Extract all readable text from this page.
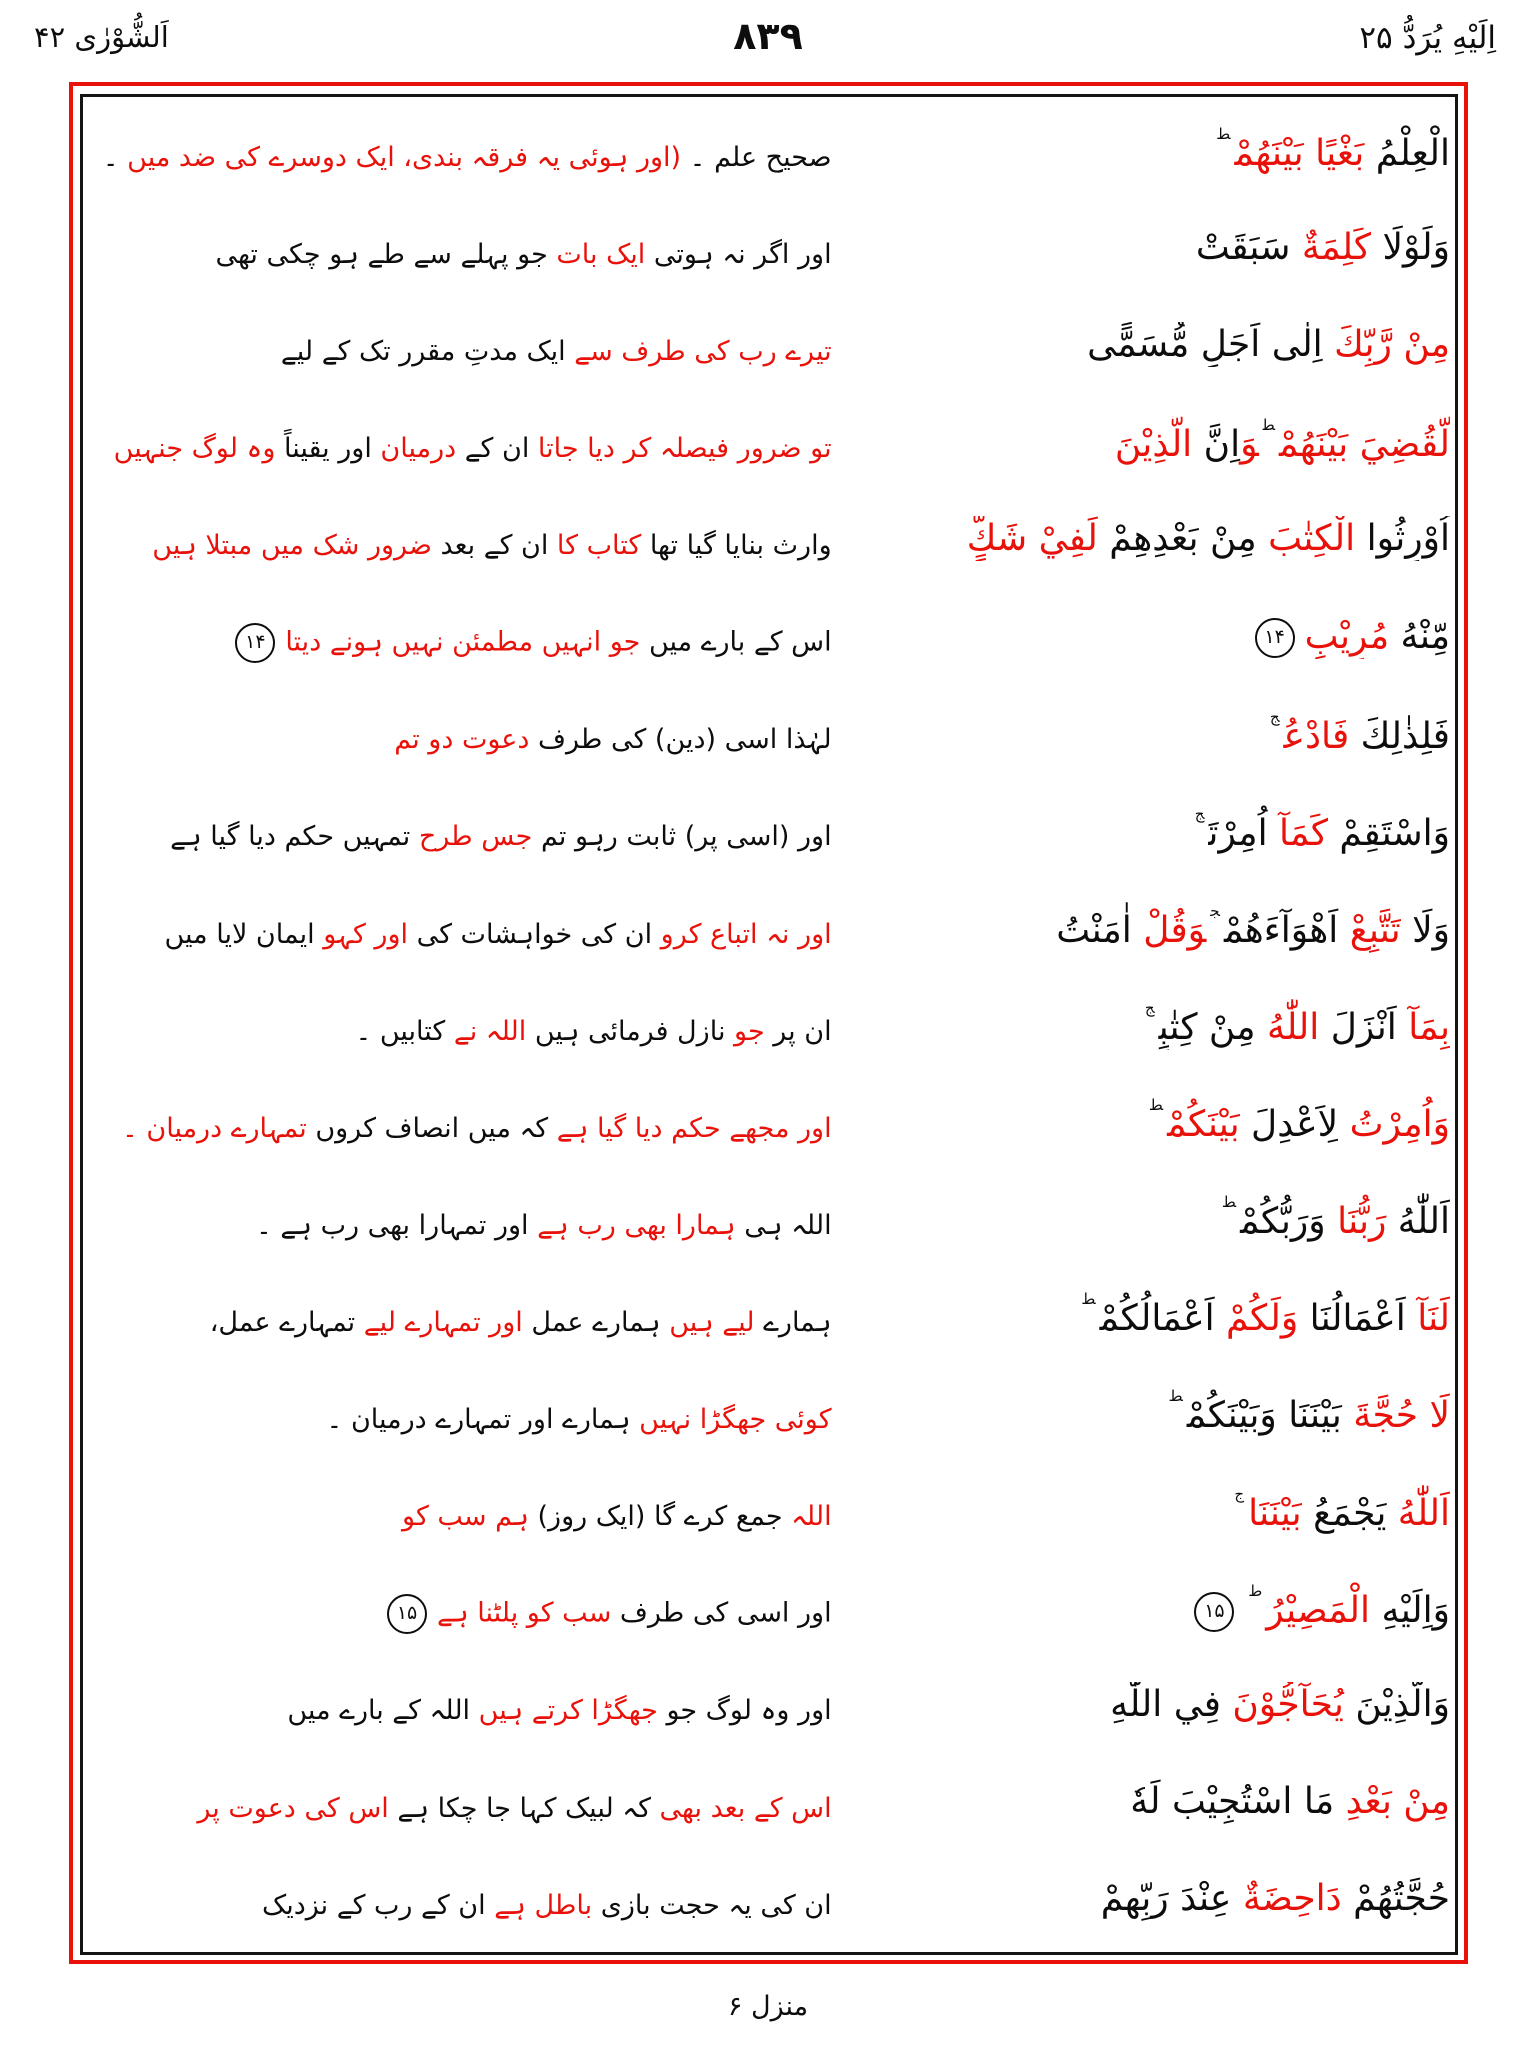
اَلشُّوْرٰى ۴۲	۸۳۹	اِلَيْهِ يُرَدُّ ۲۵
الْعِلْمُ بَغْيًا بَيْنَهُمْ$^ط$
صحیح علم ۔ (اور ہوئی یہ فرقہ بندی، ایک دوسرے کی ضد میں ۔
وَلَوْلَا كَلِمَةٌ سَبَقَتْ
اور اگر نہ ہوتی ایک بات جو پہلے سے طے ہو چکی تھی
مِنْ رَّبِّكَ اِلٰى اَجَلٍ مُّسَمًّى
تیرے رب کی طرف سے ایک مدتِ مقرر تک کے لیے
لَّقُضِيَ بَيْنَهُمْ$^ط$وَاِنَّ الَّذِيْنَ
تو ضرور فیصلہ کر دیا جاتا ان کے درمیان اور یقیناً وہ لوگ جنہیں
اُوْرِثُوا الْكِتٰبَ مِنْ بَعْدِهِمْ لَفِيْ شَكٍّ
وارث بنایا گیا تھا کتاب کا ان کے بعد ضرور شک میں مبتلا ہیں
مِّنْهُ مُرِيْبٍ۱۴
اس کے بارے میں جو انہیں مطمئن نہیں ہونے دیتا۱۴
فَلِذٰلِكَ فَادْعُ$^ج$
لہٰذا اسی (دین) کی طرف دعوت دو تم
وَاسْتَقِمْ كَمَآ اُمِرْتَ$^ج$
اور (اسی پر) ثابت رہو تم جس طرح تمہیں حکم دیا گیا ہے
وَلَا تَتَّبِعْ اَهْوَآءَهُمْ$^ج$وَقُلْ اٰمَنْتُ
اور نہ اتباع کرو ان کی خواہشات کی اور کہو ایمان لایا میں
بِمَآ اَنْزَلَ اللّٰهُ مِنْ كِتٰبٍ$^ج$
ان پر جو نازل فرمائی ہیں اللہ نے کتابیں ۔
وَاُمِرْتُ لِاَعْدِلَ بَيْنَكُمْ$^ط$
اور مجھے حکم دیا گیا ہے کہ میں انصاف کروں تمہارے درمیان ۔
اَللّٰهُ رَبُّنَا وَرَبُّكُمْ$^ط$
اللہ ہی ہمارا بھی رب ہے اور تمہارا بھی رب ہے ۔
لَنَآ اَعْمَالُنَا وَلَكُمْ اَعْمَالُكُمْ$^ط$
ہمارے لیے ہیں ہمارے عمل اور تمہارے لیے تمہارے عمل،
لَا حُجَّةَ بَيْنَنَا وَبَيْنَكُمْ$^ط$
کوئی جھگڑا نہیں ہمارے اور تمہارے درمیان ۔
اَللّٰهُ يَجْمَعُ بَيْنَنَا$^ج$
اللہ جمع کرے گا (ایک روز) ہم سب کو
وَاِلَيْهِ الْمَصِيْرُ$^ط$۱۵
اور اسی کی طرف سب کو پلٹنا ہے۱۵
وَالَّذِيْنَ يُحَآجُّوْنَ فِي اللّٰهِ
اور وہ لوگ جو جھگڑا کرتے ہیں اللہ کے بارے میں
مِنْ بَعْدِ مَا اسْتُجِيْبَ لَهٗ
اس کے بعد بھی کہ لبیک کہا جا چکا ہے اس کی دعوت پر
حُجَّتُهُمْ دَاحِضَةٌ عِنْدَ رَبِّهِمْ
ان کی یہ حجت بازی باطل ہے ان کے رب کے نزدیک
منزل ۶
